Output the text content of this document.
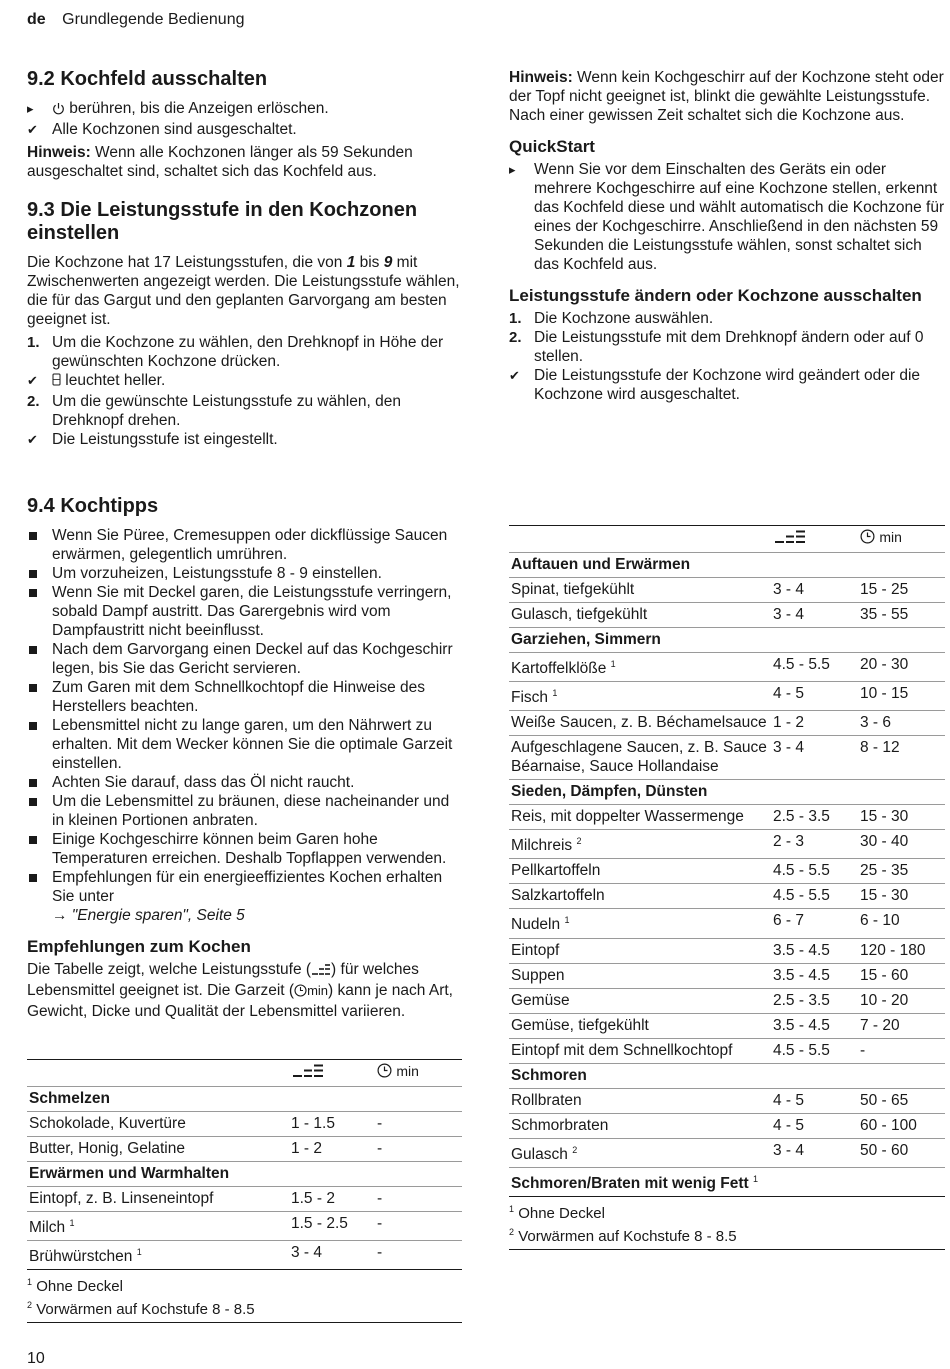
de Grundlegende Bedienung
9.2 Kochfeld ausschalten
▸	berühren, bis die Anzeigen erlöschen.
✔ Alle Kochzonen sind ausgeschaltet.

Hinweis: Wenn alle Kochzonen länger als 59 Sekunden ausgeschaltet sind, schaltet sich das Kochfeld aus.

9.3 Die Leistungsstufe in den Kochzonen einstellen

Die Kochzone hat 17 Leistungsstufen, die von 1 bis 9 mit Zwischenwerten angezeigt werden. Die Leistungsstufe wählen, die für das Gargut und den geplanten Garvorgang am besten geeignet ist.

1. Um die Kochzone zu wählen, den Drehknopf in Höhe der gewünschten Kochzone drücken.
✔	leuchtet heller.
2. Um die gewünschte Leistungsstufe zu wählen, den Drehknopf drehen.
✔ Die Leistungsstufe ist eingestellt.

Hinweis: Wenn kein Kochgeschirr auf der Kochzone steht oder der Topf nicht geeignet ist, blinkt die gewählte Leistungsstufe. Nach einer gewissen Zeit schaltet sich die Kochzone aus.

QuickStart
▸	Wenn Sie vor dem Einschalten des Geräts ein oder mehrere Kochgeschirre auf eine Kochzone stellen, erkennt das Kochfeld diese und wählt automatisch die Kochzone für eines der Kochgeschirre. Anschließend in den nächsten 59 Sekunden die Leistungsstufe wählen, sonst schaltet sich das Kochfeld aus.
Leistungsstufe ändern oder Kochzone ausschalten
1. Die Kochzone auswählen.
2. Die Leistungsstufe mit dem Drehknopf ändern oder auf 0 stellen.
✔ Die Leistungsstufe der Kochzone wird geändert oder die Kochzone wird ausgeschaltet.
9.4 Kochtipps
Wenn Sie Püree, Cremesuppen oder dickflüssige Saucen erwärmen, gelegentlich umrühren.
Um vorzuheizen, Leistungsstufe 8 - 9 einstellen.
Wenn Sie mit Deckel garen, die Leistungsstufe verringern, sobald Dampf austritt. Das Garergebnis wird vom Dampfaustritt nicht beeinflusst.
Nach dem Garvorgang einen Deckel auf das Kochgeschirr legen, bis Sie das Gericht servieren.
Zum Garen mit dem Schnellkochtopf die Hinweise des Herstellers beachten.
Lebensmittel nicht zu lange garen, um den Nährwert zu erhalten. Mit dem Wecker können Sie die optimale Garzeit einstellen.
Achten Sie darauf, dass das Öl nicht raucht.
Um die Lebensmittel zu bräunen, diese nacheinander und in kleinen Portionen anbraten.
Einige Kochgeschirre können beim Garen hohe Temperaturen erreichen. Deshalb Topflappen verwenden.
Empfehlungen für ein energieeffizientes Kochen erhalten Sie unter
→ "Energie sparen", Seite 5
Empfehlungen zum Kochen

Die Tabelle zeigt, welche Leistungsstufe ( ) für welches Lebensmittel geeignet ist. Die Garzeit ( min) kann je nach Art, Gewicht, Dicke und Qualität der Lebensmittel variieren.

		min
Schmelzen		
Schokolade, Kuvertüre	1 - 1.5	-
Butter, Honig, Gelatine	1 - 2	-
Erwärmen und Warmhalten		
Eintopf, z. B. Linseneintopf	1.5 - 2	-
Milch $^1$	1.5 - 2.5	-
Brühwürstchen $^1$	3 - 4	-
$^1$ Ohne Deckel
$^2$ Vorwärmen auf Kochstufe 8 - 8.5
		min
Auftauen und Erwärmen		
Spinat, tiefgekühlt	3 - 4	15 - 25
Gulasch, tiefgekühlt	3 - 4	35 - 55
Garziehen, Simmern		
Kartoffelklöße $^1$	4.5 - 5.5	20 - 30
Fisch $^1$	4 - 5	10 - 15
Weiße Saucen, z. B. Béchamelsauce	1 - 2	3 - 6
Aufgeschlagene Saucen, z. B. Sauce Béarnaise, Sauce Hollandaise	3 - 4	8 - 12
Sieden, Dämpfen, Dünsten		
Reis, mit doppelter Wassermenge	2.5 - 3.5	15 - 30
Milchreis $^2$	2 - 3	30 - 40
Pellkartoffeln	4.5 - 5.5	25 - 35
Salzkartoffeln	4.5 - 5.5	15 - 30
Nudeln $^1$	6 - 7	6 - 10
Eintopf	3.5 - 4.5	120 - 180
Suppen	3.5 - 4.5	15 - 60
Gemüse	2.5 - 3.5	10 - 20
Gemüse, tiefgekühlt	3.5 - 4.5	7 - 20
Eintopf mit dem Schnellkochtopf	4.5 - 5.5	-
Schmoren		
Rollbraten	4 - 5	50 - 65
Schmorbraten	4 - 5	60 - 100
Gulasch $^2$	3 - 4	50 - 60
Schmoren/Braten mit wenig Fett $^1$
$^1$ Ohne Deckel
$^2$ Vorwärmen auf Kochstufe 8 - 8.5
10
